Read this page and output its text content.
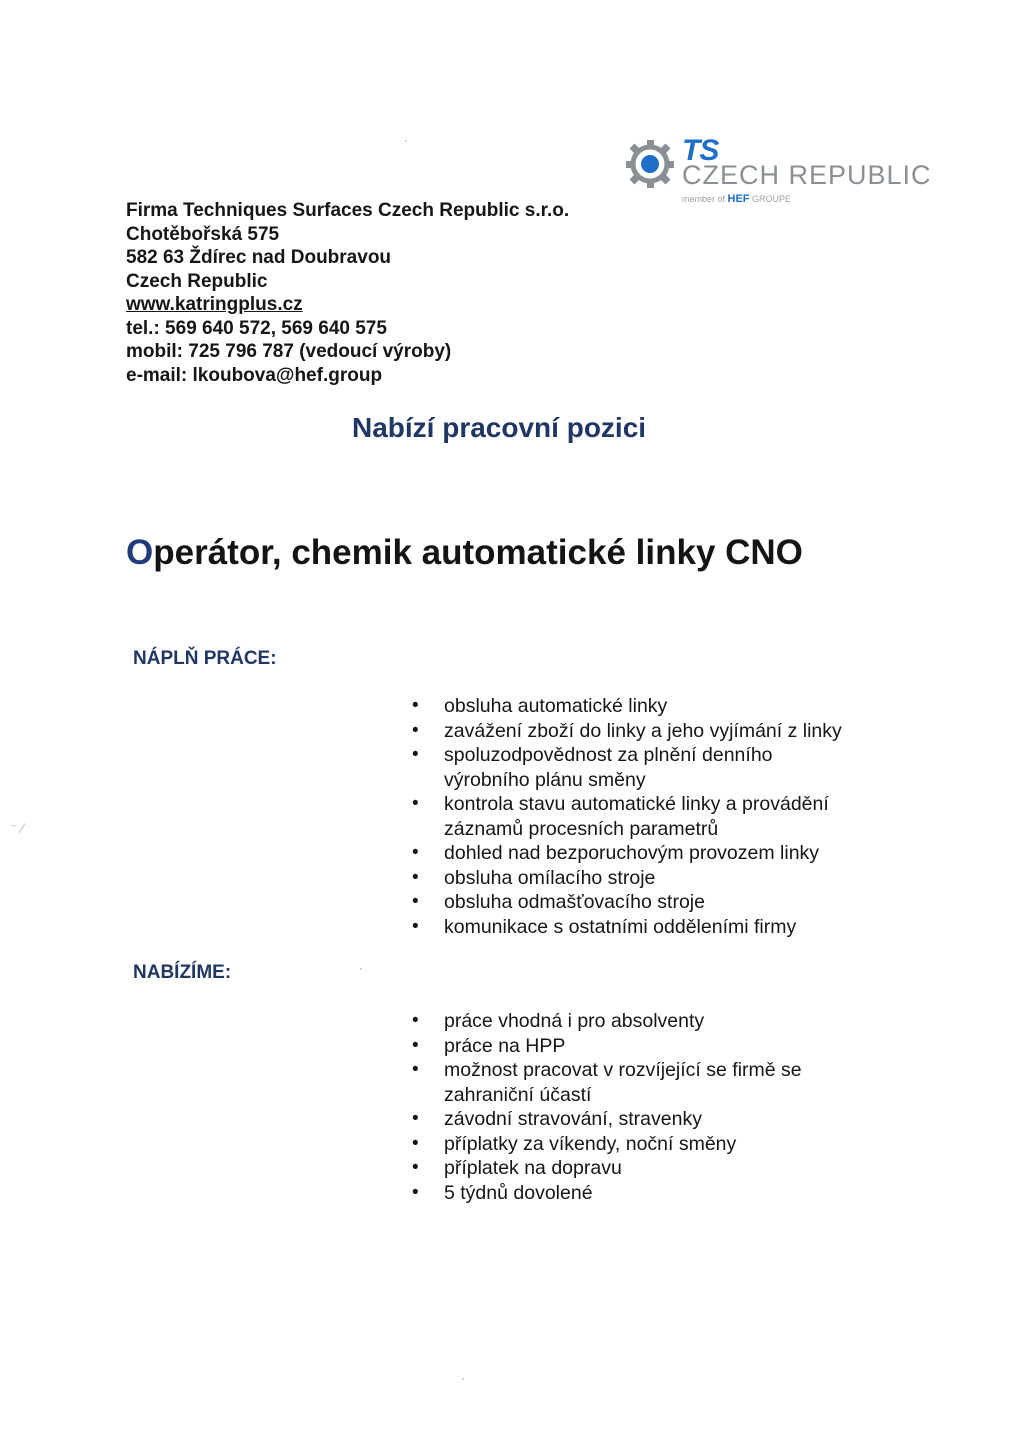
TS
CZECH REPUBLIC
member of HEF GROUPE
Firma Techniques Surfaces Czech Republic s.r.o.
Chotěbořská 575
582 63 Ždírec nad Doubravou
Czech Republic
www.katringplus.cz
tel.: 569 640 572, 569 640 575
mobil: 725 796 787 (vedoucí výroby)
e-mail: lkoubova@hef.group
Nabízí pracovní pozici
Operátor, chemik automatické linky CNO
NÁPLŇ PRÁCE:
• obsluha automatické linky
• zavážení zboží do linky a jeho vyjímání z linky
• spoluzodpovědnost za plnění denního výrobního plánu směny
• kontrola stavu automatické linky a provádění záznamů procesních parametrů
• dohled nad bezporuchovým provozem linky
• obsluha omílacího stroje
• obsluha odmašťovacího stroje
• komunikace s ostatními odděleními firmy
NABÍZÍME:
• práce vhodná i pro absolventy
• práce na HPP
• možnost pracovat v rozvíjející se firmě se zahraniční účastí
• závodní stravování, stravenky
• příplatky za víkendy, noční směny
• příplatek na dopravu
• 5 týdnů dovolené
⁻ ⁄
